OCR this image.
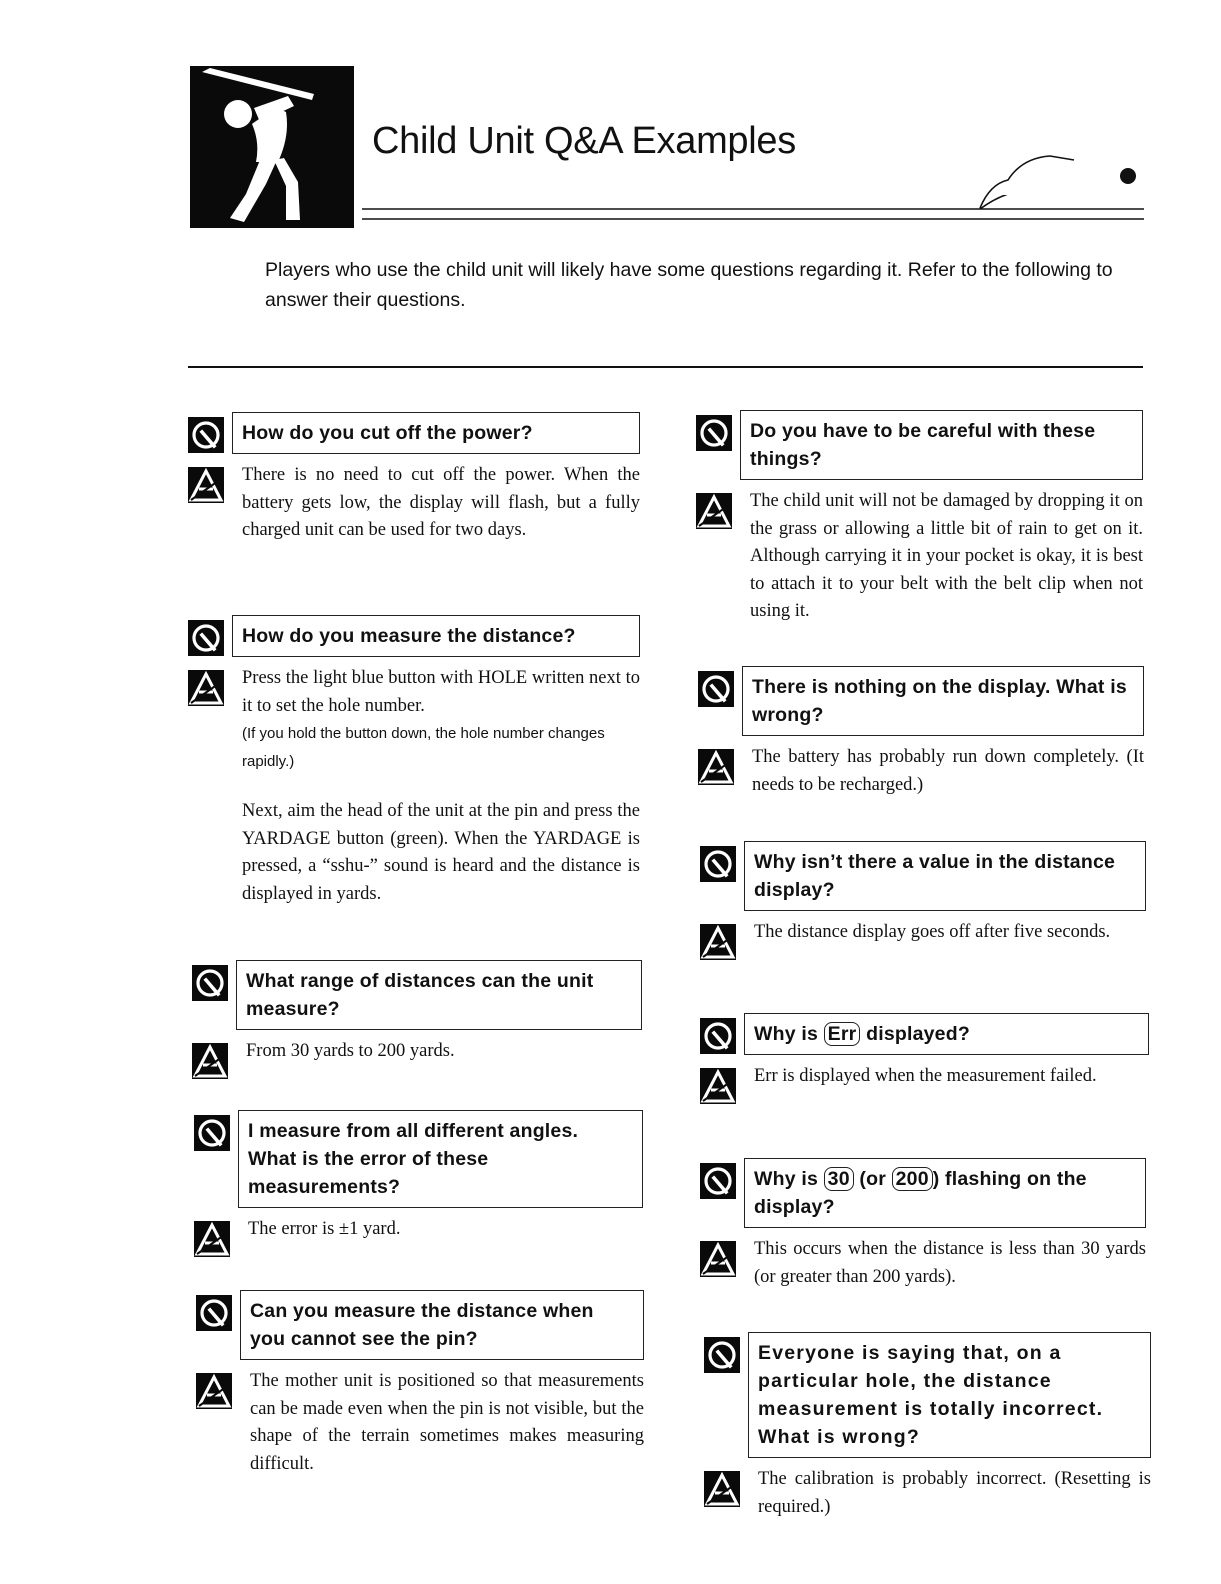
Child Unit Q&A Examples
Players who use the child unit will likely have some questions regarding it. Refer to the following to answer their questions.
How do you cut off the power?
There is no need to cut off the power. When the battery gets low, the display will flash, but a fully charged unit can be used for two days.
How do you measure the distance?
Press the light blue button with HOLE written next to it to set the hole number.
(If you hold the button down, the hole number changes rapidly.)
Next, aim the head of the unit at the pin and press the YARDAGE button (green). When the YARDAGE is pressed, a “sshu-” sound is heard and the distance is displayed in yards.
What range of distances can the unit measure?
From 30 yards to 200 yards.
I measure from all different angles. What is the error of these measurements?
The error is ±1 yard.
Can you measure the distance when you cannot see the pin?
The mother unit is positioned so that measurements can be made even when the pin is not visible, but the shape of the terrain sometimes makes measuring difficult.
Do you have to be careful with these things?
The child unit will not be damaged by dropping it on the grass or allowing a little bit of rain to get on it. Although carrying it in your pocket is okay, it is best to attach it to your belt with the belt clip when not using it.
There is nothing on the display. What is wrong?
The battery has probably run down completely. (It needs to be recharged.)
Why isn’t there a value in the distance display?
The distance display goes off after five seconds.
Why is Err displayed?
Err is displayed when the measurement failed.
Why is 30 (or 200 ) flashing on the display?
This occurs when the distance is less than 30 yards (or greater than 200 yards).
Everyone is saying that, on a particular hole, the distance measurement is totally incorrect. What is wrong?
The calibration is probably incorrect. (Resetting is required.)
